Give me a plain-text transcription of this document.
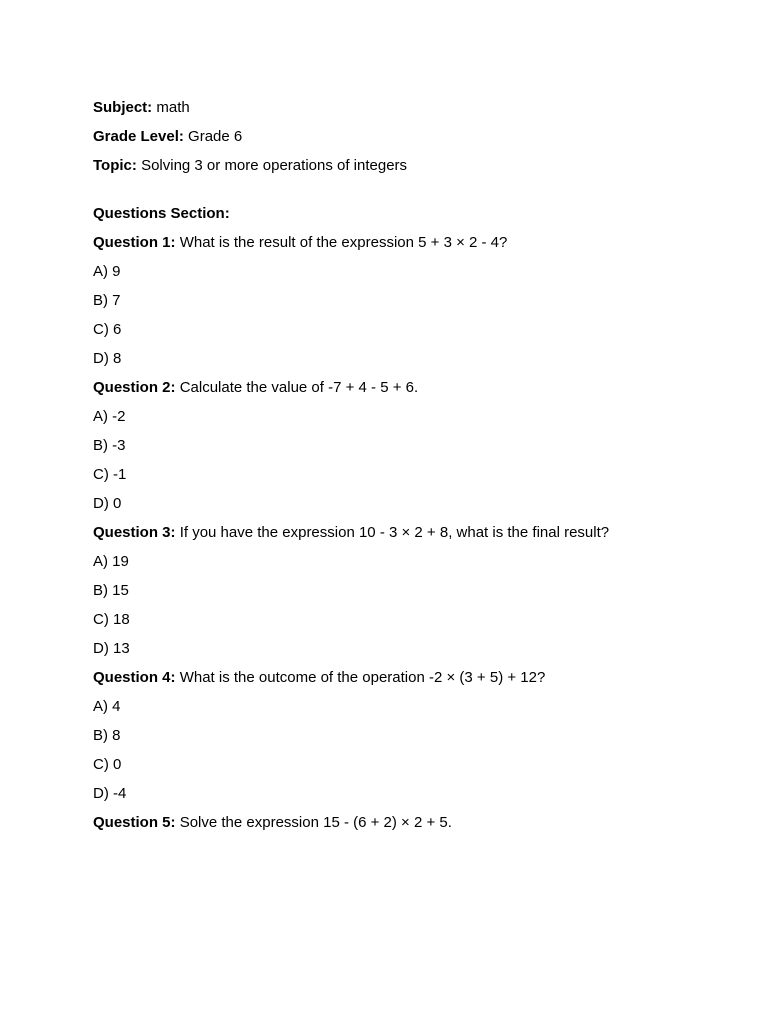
Subject: math
Grade Level: Grade 6
Topic: Solving 3 or more operations of integers
Questions Section:
Question 1: What is the result of the expression 5 + 3 × 2 - 4?
A) 9
B) 7
C) 6
D) 8
Question 2: Calculate the value of -7 + 4 - 5 + 6.
A) -2
B) -3
C) -1
D) 0
Question 3: If you have the expression 10 - 3 × 2 + 8, what is the final result?
A) 19
B) 15
C) 18
D) 13
Question 4: What is the outcome of the operation -2 × (3 + 5) + 12?
A) 4
B) 8
C) 0
D) -4
Question 5: Solve the expression 15 - (6 + 2) × 2 + 5.
